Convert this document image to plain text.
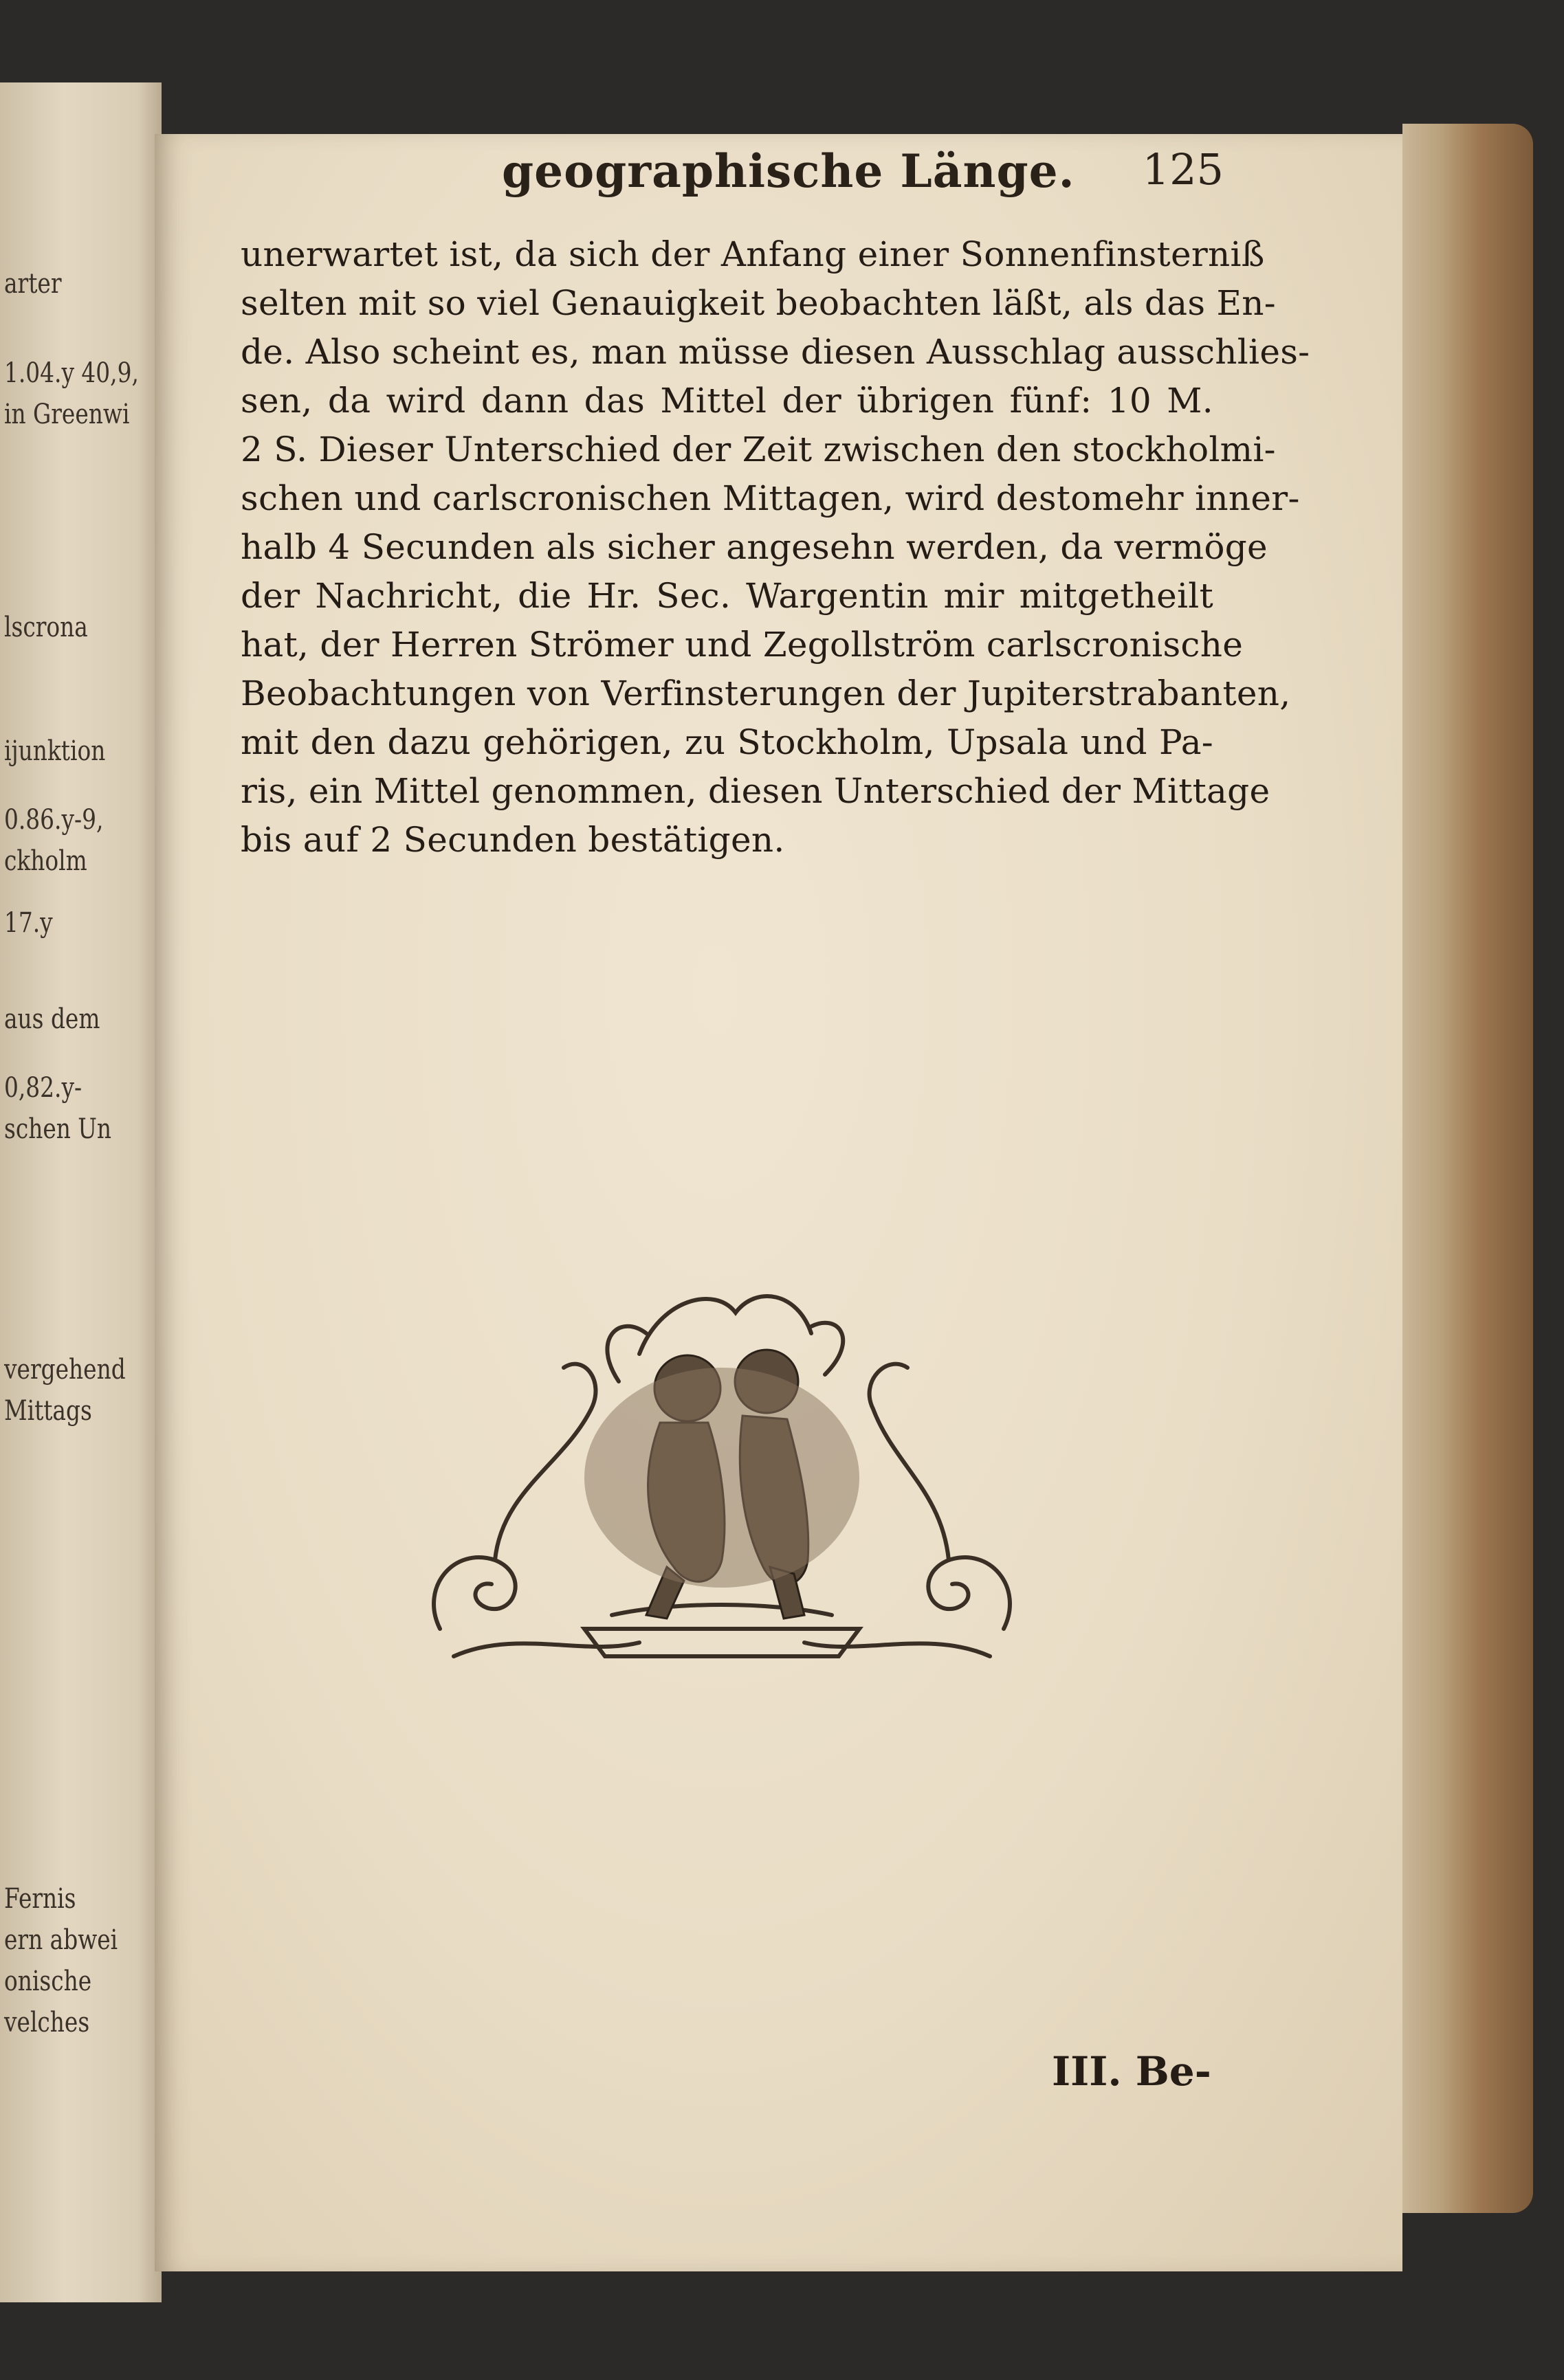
arter
1.04.y 40,9,
in Greenwi
lscrona
ijunktion
0.86.y-9,
ckholm
17.y
aus dem
0,82.y-
schen Un
vergehend
Mittags
Fernis
ern abwei
onische
velches
geographische Länge. 125
unerwartet ist, da sich der Anfang einer Sonnenfinsterniß
selten mit so viel Genauigkeit beobachten läßt, als das En-
de. Also scheint es, man müsse diesen Ausschlag ausschlies-
sen, da wird dann das Mittel der übrigen fünf: 10 M.
2 S. Dieser Unterschied der Zeit zwischen den stockholmi-
schen und carlscronischen Mittagen, wird destomehr inner-
halb 4 Secunden als sicher angesehn werden, da vermöge
der Nachricht, die Hr. Sec. Wargentin mir mitgetheilt
hat, der Herren Strömer und Zegollström carlscronische
Beobachtungen von Verfinsterungen der Jupiterstrabanten,
mit den dazu gehörigen, zu Stockholm, Upsala und Pa-
ris, ein Mittel genommen, diesen Unterschied der Mittage
bis auf 2 Secunden bestätigen.
III. Be-
